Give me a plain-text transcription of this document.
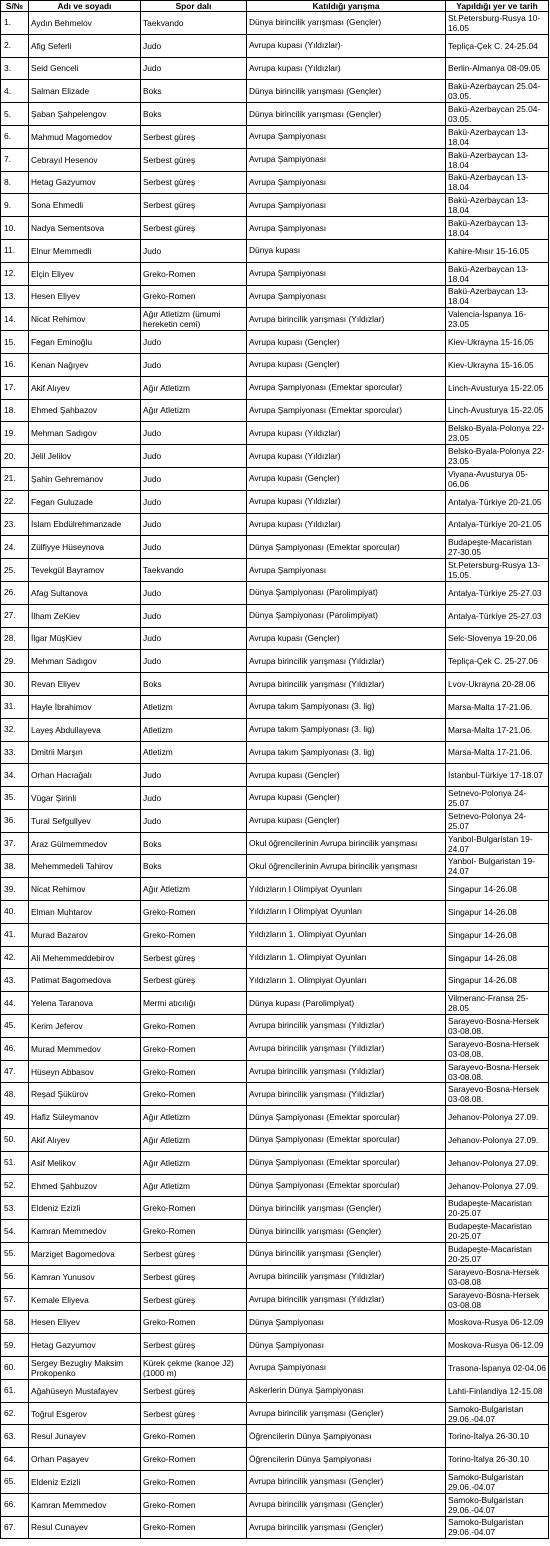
S/№	Adı ve soyadı	Spor dalı	Katıldığı yarışma	Yapıldığı yer ve tarih
1.	Aydın Behmelov	Taekvando	Dünya birincilik yarışması (Gençler)	St.Petersburg-Rusya 10-16.05
2.	Afig Seferli	Judo	Avrupa kupası (Yıldızlar)·	Tepliça-Çek C. 24-25.04
3.	Seid Genceli	Judo	Avrupa kupası (Yıldızlar)	Berlin-Almanya 08-09.05
4.	Salman Elizade	Boks	Dünya birincilik yarışması (Gençler)	Bakü-Azerbaycan 25.04-03.05.
5.	Şaban Şahpelengov	Boks	Dünya birincilik yarışması (Gençler)	Bakü-Azerbaycan 25.04-03.05.
6.	Mahmud Magomedov	Serbest güreş	Avrupa Şampiyonası	Bakü-Azerbaycan 13-18.04
7.	Cebrayıl Hesenov	Serbest güreş	Avrupa Şampiyonası	Bakü-Azerbaycan 13-18.04
8.	Hetag Gazyumov	Serbest güreş	Avrupa Şampiyonası	Bakü-Azerbaycan 13-18.04
9.	Sona Ehmedli	Serbest güreş	Avrupa Şampiyonası	Bakü-Azerbaycan 13-18.04
10.	Nadya Sementsova	Serbest güreş	Avrupa Şampiyonası	Bakü-Azerbaycan 13-18.04
11.	Elnur Memmedli	Judo	Dünya kupası	Kahire-Mısır 15-16.05
12.	Elçin Eliyev	Greko-Romen	Avrupa Şampiyonası	Bakü-Azerbaycan 13-18.04
13.	Hesen Eliyev	Greko-Romen	Avrupa Şampiyonası	Bakü-Azerbaycan 13-18.04
14.	Nicat Rehimov	Ağır Atletizm (ümumi hereketin cemi)	Avrupa birincilik yarışması (Yıldızlar)	Valencia-İspanya 16-23.05
15.	Fegan Eminoğlu	Judo	Avrupa kupası (Gençler)	Kiev-Ukrayna 15-16.05
16.	Kenan Nağıyev	Judo	Avrupa kupası (Gençler)	Kiev-Ukrayna 15-16.05
17.	Akif Alıyev	Ağır Atletizm	Avrupa Şampiyonası (Emektar sporcular)	Linch-Avusturya 15-22.05
18.	Ehmed Şahbazov	Ağır Atletizm	Avrupa Şampiyonası (Emektar sporcular)	Linch-Avusturya 15-22.05
19.	Mehman Sadıgov	Judo	Avrupa kupası (Yıldızlar)	Belsko-Byala-Polonya 22-23.05
20.	Jelil Jelilov	Judo	Avrupa kupası (Yıldızlar)	Belsko-Byala-Polonya 22-23.05
21.	Şahin Gehremanov	Judo	Avrupa kupası (Gençler)	Viyana-Avusturya 05-06.06
22.	Fegan Guluzade	Judo	Avrupa kupası (Yıldızlar)	Antalya-Türkiye 20-21.05
23.	İslam Ebdülrehmanzade	Judo	Avrupa kupası (Yıldızlar)	Antalya-Türkiye 20-21.05
24.	Zülfiyye Hüseynova	Judo	Dünya Şampiyonası (Emektar sporcular)	Budapeşte-Macaristan 27-30.05
25.	Tevekgül Bayramov	Taekvando	Avrupa Şampiyonası	St.Petersburg-Rusya 13-15.05.
26.	Afag Sultanova	Judo	Dünya Şampiyonası (Parolimpiyat)	Antalya-Türkiye 25-27.03
27.	İlham ZeKiev	Judo	Dünya Şampiyonası (Parolimpiyat)	Antalya-Türkiye 25-27.03
28.	İlgar MüşKiev	Judo	Avrupa kupası (Gençler)	Selc-Slovenya 19-20.06
29.	Mehman Sadıgov	Judo	Avrupa birincilik yarışması (Yıldızlar)	Tepliça-Çek C. 25-27.06
30.	Revan Eliyev	Boks	Avrupa birincilik yarışması (Yıldızlar)	Lvov-Ukrayna 20-28.06
31.	Hayle İbrahimov	Atletizm	Avrupa takım Şampiyonası (3. lig)	Marsa-Malta 17-21.06.
32.	Layeş Abdullayeva	Atletizm	Avrupa takım Şampiyonası (3. lig)	Marsa-Malta 17-21.06.
33.	Dmitrii Marşın	Atletizm	Avrupa takım Şampiyonası (3. lig)	Marsa-Malta 17-21.06.
34.	Orhan Hacıağalı	Judo	Avrupa kupası (Gençler)	İstanbul-Türkiye 17-18.07
35.	Vügar Şirinli	Judo	Avrupa kupası (Gençler)	Setnevo-Polonya 24-25.07
36.	Tural Sefgullyev	Judo	Avrupa kupası (Gençler)	Setnevo-Polonya 24-25.07
37.	Araz Gülmemmedov	Boks	Okul öğrencilerinin Avrupa birincilik yarışması	Yanbol-Bulgaristan 19-24.07
38.	Mehemmedeli Tahirov	Boks	Okul öğrencilerinin Avrupa birincilik yarışması	Yanbol- Bulgaristan 19-24.07
39.	Nicat Rehimov	Ağır Atletizm	Yıldızların I Olimpiyat Oyunları	Singapur 14-26.08
40.	Elman Muhtarov	Greko-Romen	Yıldızların I Olimpiyat Oyunları	Singapur 14-26.08
41.	Murad Bazarov	Greko-Romen	Yıldızların 1. Olimpiyat Oyunları	Singapur 14-26.08
42.	Ali Mehemmeddebirov	Serbest güreş	Yıldızların 1. Olimpiyat Oyunları	Singapur 14-26.08
43.	Patimat Bagomedova	Serbest güreş	Yıldızların 1. Olimpiyat Oyunları	Singapur 14-26.08
44.	Yelena Taranova	Mermi atıcılığı	Dünya kupası (Parolimpiyat)	Vilmeranc-Fransa 25-28.05
45.	Kerim Jeferov	Greko-Romen	Avrupa birincilik yarışması (Yıldızlar)	Sarayevo-Bosna-Hersek 03-08.08.
46.	Murad Memmedov	Greko-Romen	Avrupa birincilik yarışması (Yıldızlar)	Sarayevo-Bosna-Hersek 03-08.08.
47.	Hüseyn Abbasov	Greko-Romen	Avrupa birincilik yarışması (Yıldızlar)	Sarayevo-Bosna-Hersek 03-08.08.
48.	Reşad Şükürov	Greko-Romen	Avrupa birincilik yarışması (Yıldızlar)	Sarayevo-Bosna-Hersek 03-08.08.
49.	Hafiz Süleymanov	Ağır Atletizm	Dünya Şampiyonası (Emektar sporcular)	Jehanov-Polonya 27.09.
50.	Akif Alıyev	Ağır Atletizm	Dünya Şampiyonası (Emektar sporcular)	Jehanov-Polonya 27.09.
51.	Asif Melikov	Ağır Atletizm	Dünya Şampiyonası (Emektar sporcular)	Jehanov-Polonya 27.09.
52.	Ehmed Şahbuzov	Ağır Atletizm	Dünya Şampiyonası (Emektar sporcular)	Jehanov-Polonya 27.09.
53.	Eldeniz Ezizli	Greko-Romen	Dünya birincilik yarışması (Gençler)	Budapeşte-Macaristan 20-25.07
54.	Kamran Memmedov	Greko-Romen	Dünya birincilik yarışması (Gençler)	Budapeşte-Macaristan 20-25.07
55.	Marziget Bagomedova	Serbest güreş	Dünya birincilik yarışması (Gençler)	Budapeşte-Macaristan 20-25.07
56.	Kamran Yunusov	Serbest güreş	Avrupa birincilik yarışması (Yıldızlar)	Sarayevo-Bosna-Hersek 03-08.08
57.	Kemale Eliyeva	Serbest güreş	Avrupa birincilik yarışması (Yıldızlar)	Sarayevo-Bosna-Hersek 03-08.08
58.	Hesen Eliyev	Greko-Romen	Dünya Şampiyonası	Moskova-Rusya 06-12.09
59.	Hetag Gazyumov	Serbest güreş	Dünya Şampiyonası	Moskova-Rusya 06-12.09
60.	Sergey Bezuglıy Maksim Prokopenko	Kürek çekme (kanoe J2) (1000 m)	Avrupa Şampiyonası	Trasona-İspanya 02-04.06
61.	Ağahüseyn Mustafayev	Serbest güreş	Askerlerin Dünya Şampiyonası	Lahti-Finlandiya 12-15.08
62.	Toğrul Esgerov	Serbest güreş	Avrupa birincilik yarışması (Gençler)	Samoko-Bulgaristan 29.06.-04.07
63.	Resul Junayev	Greko-Romen	Öğrencilerin Dünya Şampiyonası	Torino-İtalya 26-30.10
64.	Orhan Paşayev	Greko-Romen	Öğrencilerin Dünya Şampiyonası	Torino-İtalya 26-30.10
65.	Eldeniz Ezizli	Greko-Romen	Avrupa birincilik yarışması (Gençler)	Samoko-Bulgaristan 29.06.-04.07
66.	Kamran Memmedov	Greko-Romen	Avrupa birincilik yarışması (Gençler)	Samoko-Bulgaristan 29.06.-04.07
67.	Resul Cunayev	Greko-Romen	Avrupa birincilik yarışması (Gençler)	Samoko-Bulgaristan 29.06.-04.07
